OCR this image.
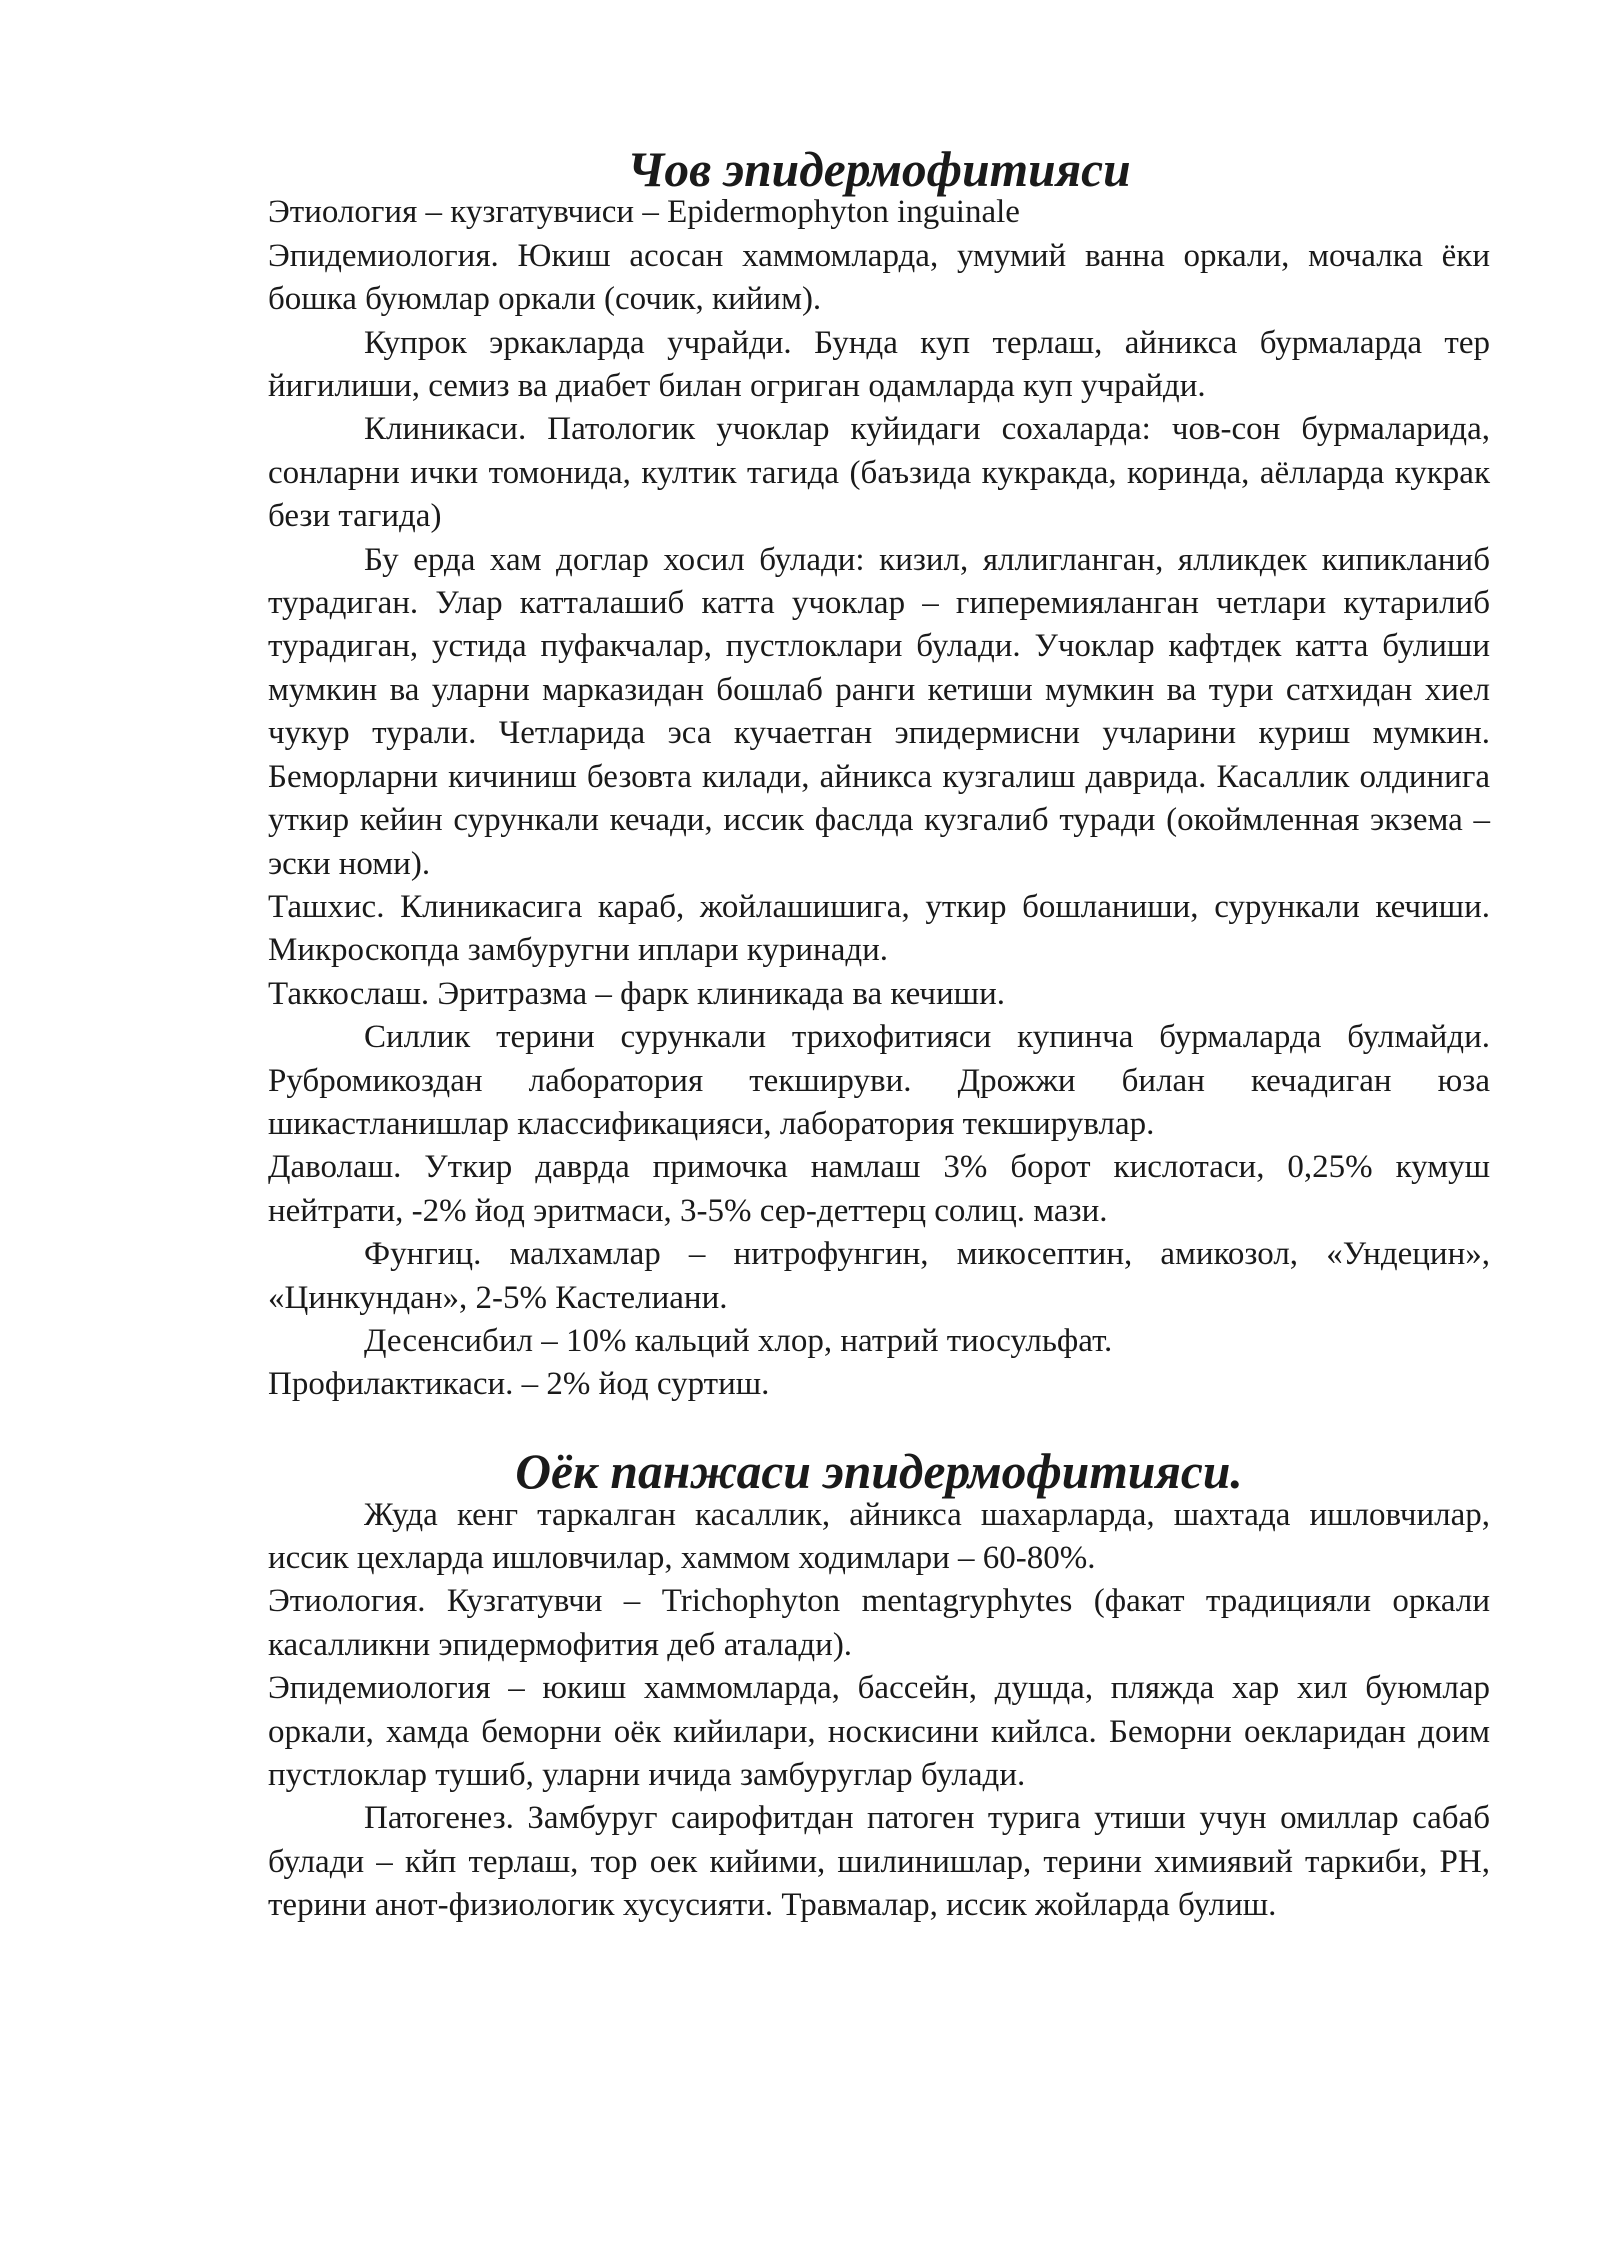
Чов эпидермофитияси

Этиология – кузгатувчиси – Epidermophyton inguinale

Эпидемиология. Юкиш асосан хаммомларда, умумий ванна оркали, мочалка ёки бошка буюмлар оркали (сочик, кийим).

Купрок эркакларда учрайди. Бунда куп терлаш, айникса бурмаларда тер йигилиши, семиз ва диабет билан огриган одамларда куп учрайди.

Клиникаси. Патологик учоклар куйидаги сохаларда: чов-сон бурмаларида, сонларни ички томонида, култик тагида (баъзида кукракда, коринда, аёлларда кукрак бези тагида)

Бу ерда хам доглар хосил булади: кизил, яллигланган, ялликдек кипикланиб турадиган. Улар катталашиб катта учоклар – гиперемияланган четлари кутарилиб турадиган, устида пуфакчалар, пустлоклари булади. Учоклар кафтдек катта булиши мумкин ва уларни марказидан бошлаб ранги кетиши мумкин ва тури сатхидан хиел чукур турали. Четларида эса кучаетган эпидермисни учларини куриш мумкин. Беморларни кичиниш безовта килади, айникса кузгалиш даврида. Касаллик олдинига уткир кейин сурункали кечади, иссик фаслда кузгалиб туради (окоймленная экзема – эски номи).

Ташхис. Клиникасига караб, жойлашишига, уткир бошланиши, сурункали кечиши. Микроскопда замбуругни иплари куринади.

Таккослаш. Эритразма – фарк клиникада ва кечиши.

Силлик терини сурункали трихофитияси купинча бурмаларда булмайди. Рубромикоздан лаборатория текшируви. Дрожжи билан кечадиган юза шикастланишлар классификацияси, лаборатория текширувлар.

Даволаш. Уткир даврда примочка намлаш 3% борот кислотаси, 0,25% кумуш нейтрати, -2% йод эритмаси, 3-5% сер-деттерц солиц. мази.

Фунгиц. малхамлар – нитрофунгин, микосептин, амикозол, «Ундецин», «Цинкундан», 2-5% Кастелиани.

Десенсибил – 10% кальций хлор, натрий тиосульфат.

Профилактикаси. – 2% йод суртиш.

Оёк панжаси эпидермофитияси.

Жуда кенг таркалган касаллик, айникса шахарларда, шахтада ишловчилар, иссик цехларда ишловчилар, хаммом ходимлари – 60-80%.

Этиология. Кузгатувчи – Trichophyton mentagryphytes (факат традицияли оркали касалликни эпидермофития деб аталади).

Эпидемиология – юкиш хаммомларда, бассейн, душда, пляжда хар хил буюмлар оркали, хамда беморни оёк кийилари, носкисини кийлса. Беморни оекларидан доим пустлоклар тушиб, уларни ичида замбуруглар булади.

Патогенез. Замбуруг саирофитдан патоген турига утиши учун омиллар сабаб булади – кйп терлаш, тор оек кийими, шилинишлар, терини химиявий таркиби, РН, терини анот-физиологик хусусияти. Травмалар, иссик жойларда булиш.
